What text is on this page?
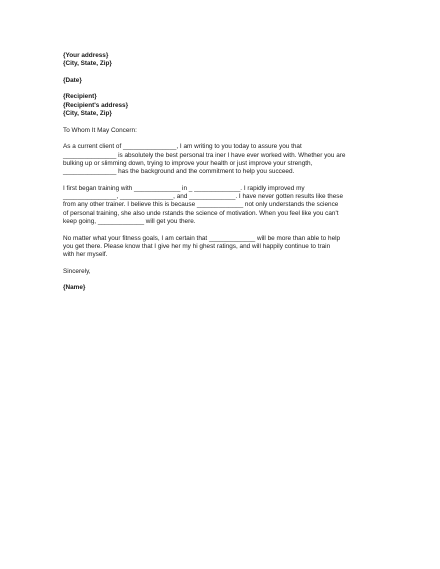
{Your address}
{City, State, Zip}
{Date}
{Recipient}
{Recipient's address}
{City, State, Zip}
To Whom It May Concern:
As a current client of _______________, I am writing to you today to assure you that
_______________ is absolutely the best personal tra iner I have ever worked with. Whether you are
bulking up or slimming down, trying to improve your health or just improve your strength,
_______________ has the background and the commitment to help you succeed.
I first began training with _____________ in _ _____________. I rapidly improved my
_______________, _______________, and _____________. I have never gotten results like these
from any other trainer. I believe this is because _____________ not only understands the science
of personal training, she also unde rstands the science of motivation. When you feel like you can't
keep going, _____________ will get you there.
No matter what your fitness goals, I am certain that _____________ will be more than able to help
you get there. Please know that I give her my hi ghest ratings, and will happily continue to train
with her myself.
Sincerely,
{Name}
